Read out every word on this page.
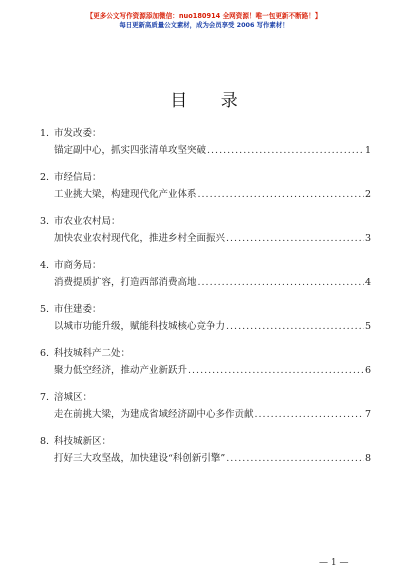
【更多公文写作资源添加微信：nuo180914 全网资源！唯一包更新不断路！】
每日更新高质量公文素材，成为会员享受 2006 写作素材！
目 录
1. 市发改委：
锚定副中心，抓实四张清单攻坚突破 .....	1
2. 市经信局：
工业挑大梁，构建现代化产业体系 .....	2
3. 市农业农村局：
加快农业农村现代化，推进乡村全面振兴 .....	3
4. 市商务局：
消费提质扩容，打造西部消费高地 .....	4
5. 市住建委：
以城市功能升级，赋能科技城核心竞争力 .....	5
6. 科技城科产二处：
聚力低空经济，推动产业新跃升 .....	6
7. 涪城区：
走在前挑大梁，为建成省域经济副中心多作贡献 .....	7
8. 科技城新区：
打好三大攻坚战，加快建设“科创新引擎” .....	8
— 1 —
